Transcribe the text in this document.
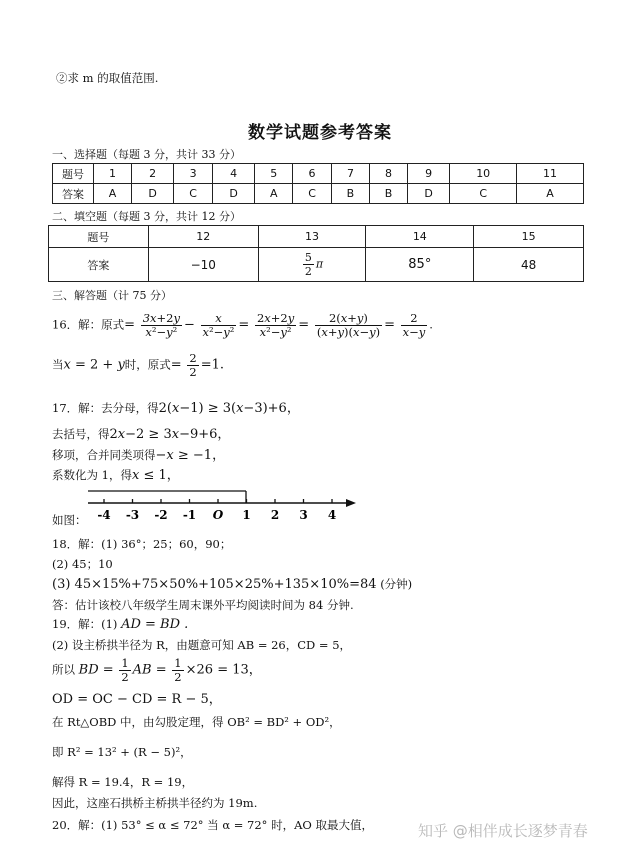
②求 m 的取值范围.
数学试题参考答案
一、选择题（每题 3 分，共计 33 分）
题号	1	2	3	4	5	6	7	8	9	10	11
答案	A	D	C	D	A	C	B	B	D	C	A
二、填空题（每题 3 分，共计 12 分）
题号	12	13	14	15
答案	−10	$\frac{5}{2}$ π	85°	48
三、解答题（计 75 分）
16．解：原式= $\frac{3x+2y}{\text{x²−y²}} - \frac{x}{\text{x²−y²}} = \frac{2x+2y}{\text{x²−y²}} = \frac{2(x+y)}{(x+y)(x-y)} = \frac{2}{x-y}$ .
当x = 2 + y时，原式= $\frac{2}{2} =1$.
17．解：去分母，得2(x−1) ≥ 3(x−3)+6，
去括号，得2x−2 ≥ 3x−9+6，
移项，合并同类项得−x ≥ −1，
系数化为 1，得x ≤ 1，
-4 -3 -2 -1 O 1 2 3 4
如图：
18．解：(1) 36°；25；60，90；
(2) 45；10
(3) 45×15%+75×50%+105×25%+135×10%=84 (分钟)
答：估计该校八年级学生周末课外平均阅读时间为 84 分钟.
19．解：(1) AD = BD .
(2) 设主桥拱半径为 R，由题意可知 AB = 26，CD = 5，
所以 BD = $\frac{1}{2}$ AB = $\frac{1}{2} \times 26 = 13$，
OD = OC − CD = R − 5，
在 Rt△OBD 中，由勾股定理，得 OB² = BD² + OD²，
即 R² = 13² + (R − 5)²，
解得 R = 19.4，R = 19，
因此，这座石拱桥主桥拱半径约为 19m.
20．解：(1) 53° ≤ α ≤ 72° 当 α = 72° 时，AO 取最大值，	知乎 @相伴成长逐梦青春
